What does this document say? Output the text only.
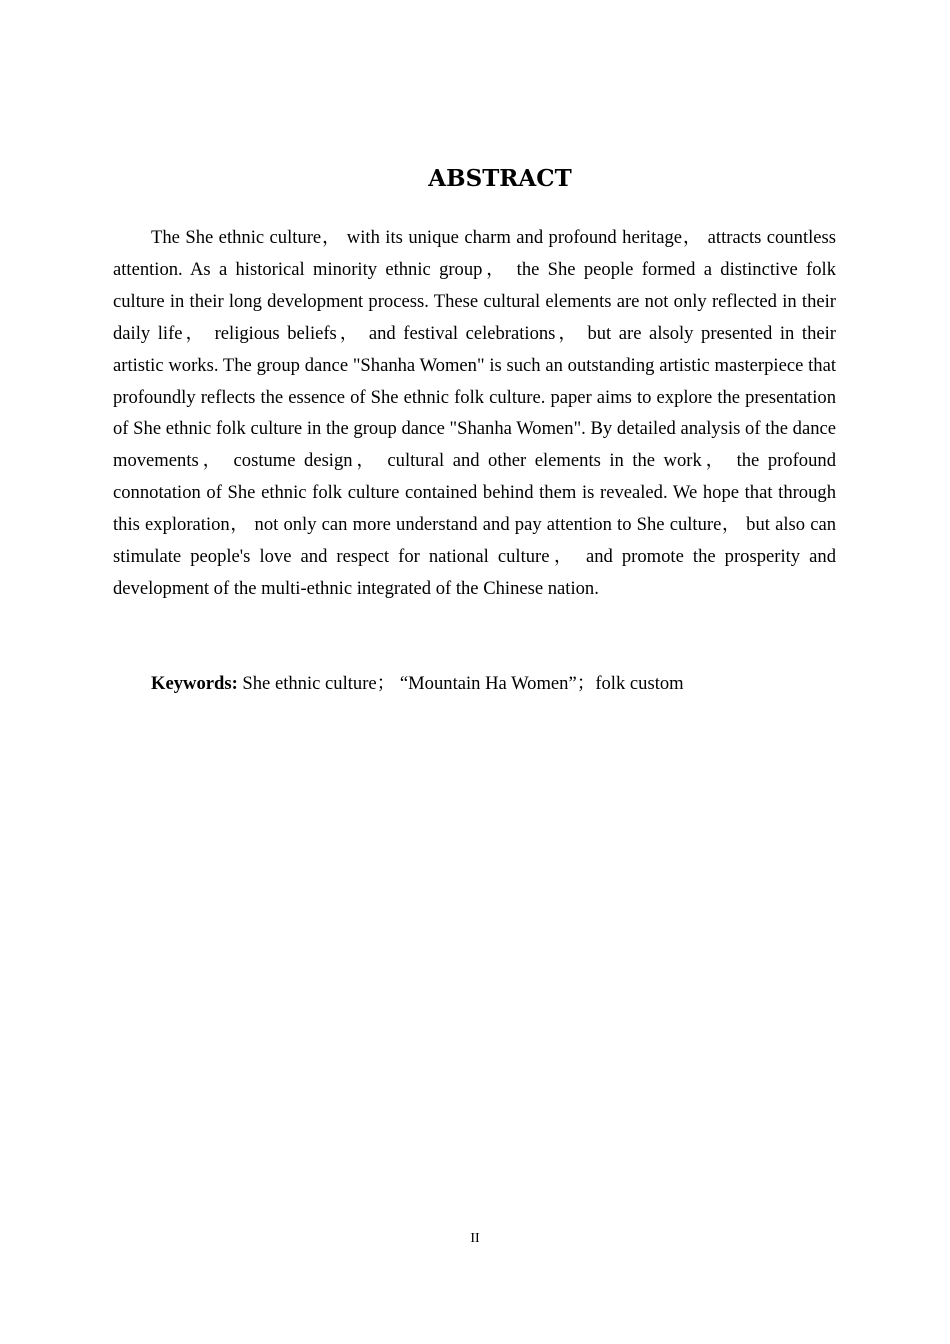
ABSTRACT

The She ethnic culture， with its unique charm and profound heritage， attracts countless attention. As a historical minority ethnic group， the She people formed a distinctive folk culture in their long development process. These cultural elements are not only reflected in their daily life， religious beliefs， and festival celebrations， but are alsoly presented in their artistic works. The group dance "Shanha Women" is such an outstanding artistic masterpiece that profoundly reflects the essence of She ethnic folk culture. paper aims to explore the presentation of She ethnic folk culture in the group dance "Shanha Women". By detailed analysis of the dance movements， costume design， cultural and other elements in the work， the profound connotation of She ethnic folk culture contained behind them is revealed. We hope that through this exploration， not only can more understand and pay attention to She culture， but also can stimulate people's love and respect for national culture， and promote the prosperity and development of the multi-ethnic integrated of the Chinese nation.

Keywords: She ethnic culture； “Mountain Ha Women”；folk custom

II
